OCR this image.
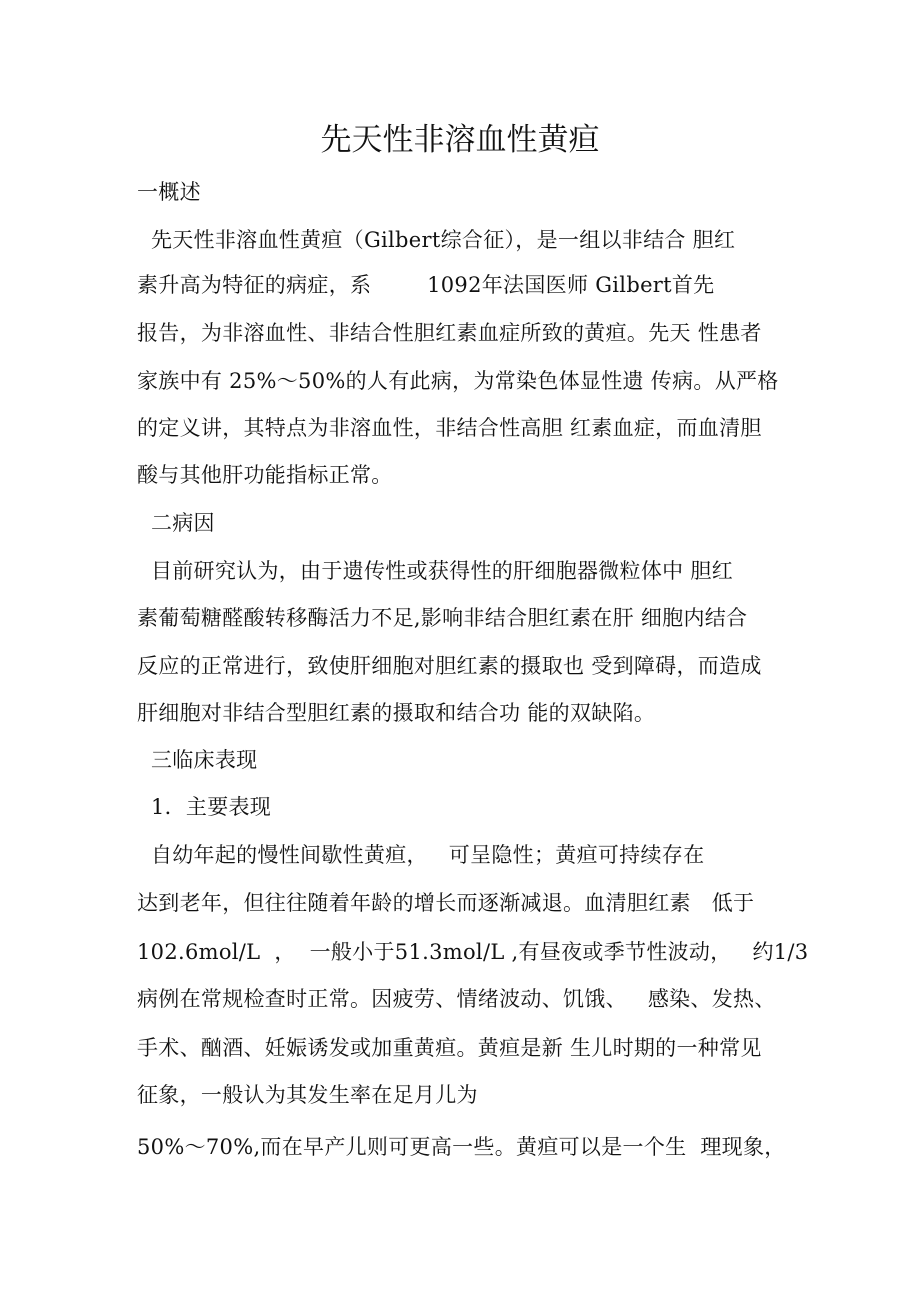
先天性非溶血性黄疸
一概述
先天性非溶血性黄疸（Gilbert综合征），是一组以非结合 胆红
素升高为特征的病症，系        1092年法国医师 Gilbert首先
报告，为非溶血性、非结合性胆红素血症所致的黄疸。先天 性患者
家族中有 25%～50%的人有此病，为常染色体显性遗 传病。从严格
的定义讲，其特点为非溶血性，非结合性高胆 红素血症，而血清胆
酸与其他肝功能指标正常。
二病因
目前研究认为，由于遗传性或获得性的肝细胞器微粒体中 胆红
素葡萄糖醛酸转移酶活力不足,影响非结合胆红素在肝 细胞内结合
反应的正常进行，致使肝细胞对胆红素的摄取也 受到障碍，而造成
肝细胞对非结合型胆红素的摄取和结合功 能的双缺陷。
三临床表现
1．主要表现
自幼年起的慢性间歇性黄疸，   可呈隐性；黄疸可持续存在
达到老年，但往往随着年龄的增长而逐渐减退。血清胆红素   低于
102.6mol/L  ，  一般小于51.3mol/L ,有昼夜或季节性波动，   约1/3
病例在常规检查时正常。因疲劳、情绪波动、饥饿、   感染、发热、
手术、酗酒、妊娠诱发或加重黄疸。黄疸是新 生儿时期的一种常见
征象，一般认为其发生率在足月儿为
50%～70%,而在早产儿则可更高一些。黄疸可以是一个生  理现象，
